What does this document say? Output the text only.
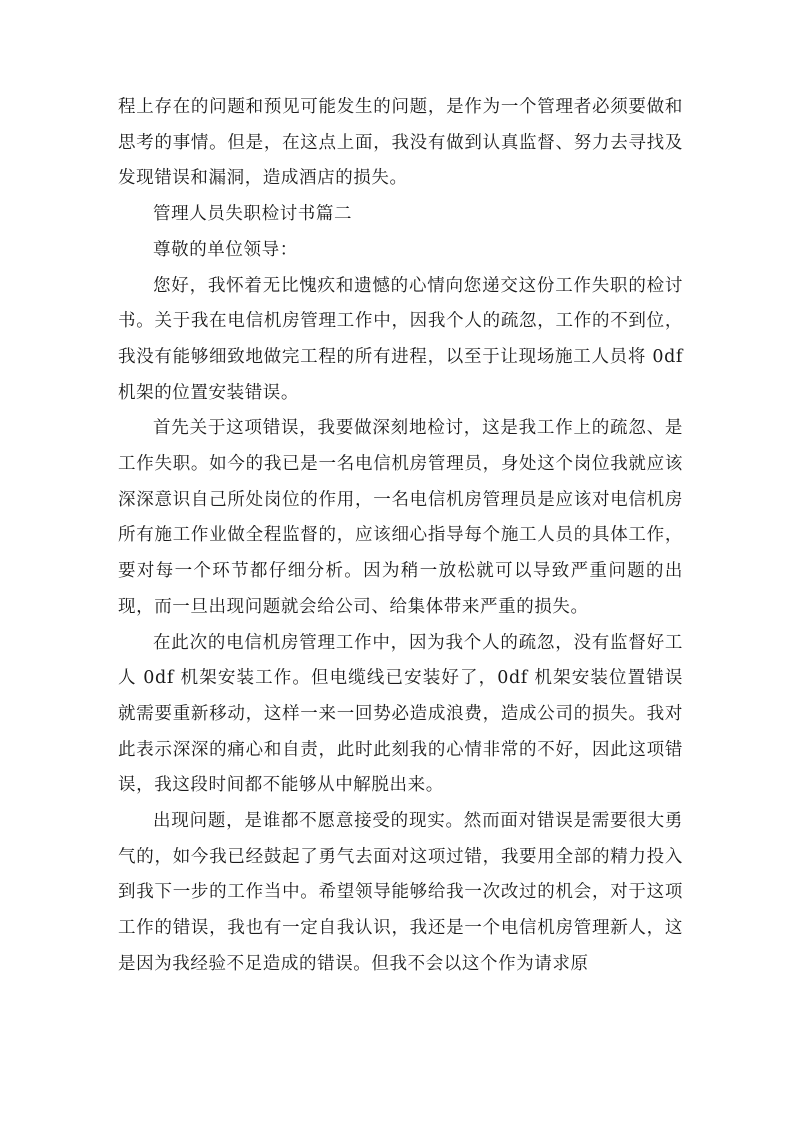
程上存在的问题和预见可能发生的问题，是作为一个管理者必须要做和思考的事情。但是，在这点上面，我没有做到认真监督、努力去寻找及发现错误和漏洞，造成酒店的损失。

管理人员失职检讨书篇二

尊敬的单位领导：

您好，我怀着无比愧疚和遗憾的心情向您递交这份工作失职的检讨书。关于我在电信机房管理工作中，因我个人的疏忽，工作的不到位，我没有能够细致地做完工程的所有进程，以至于让现场施工人员将 0df 机架的位置安装错误。

首先关于这项错误，我要做深刻地检讨，这是我工作上的疏忽、是工作失职。如今的我已是一名电信机房管理员，身处这个岗位我就应该深深意识自己所处岗位的作用，一名电信机房管理员是应该对电信机房所有施工作业做全程监督的，应该细心指导每个施工人员的具体工作，要对每一个环节都仔细分析。因为稍一放松就可以导致严重问题的出现，而一旦出现问题就会给公司、给集体带来严重的损失。

在此次的电信机房管理工作中，因为我个人的疏忽，没有监督好工人 0df 机架安装工作。但电缆线已安装好了，0df 机架安装位置错误就需要重新移动，这样一来一回势必造成浪费，造成公司的损失。我对此表示深深的痛心和自责，此时此刻我的心情非常的不好，因此这项错误，我这段时间都不能够从中解脱出来。

出现问题，是谁都不愿意接受的现实。然而面对错误是需要很大勇气的，如今我已经鼓起了勇气去面对这项过错，我要用全部的精力投入到我下一步的工作当中。希望领导能够给我一次改过的机会，对于这项工作的错误，我也有一定自我认识，我还是一个电信机房管理新人，这是因为我经验不足造成的错误。但我不会以这个作为请求原
